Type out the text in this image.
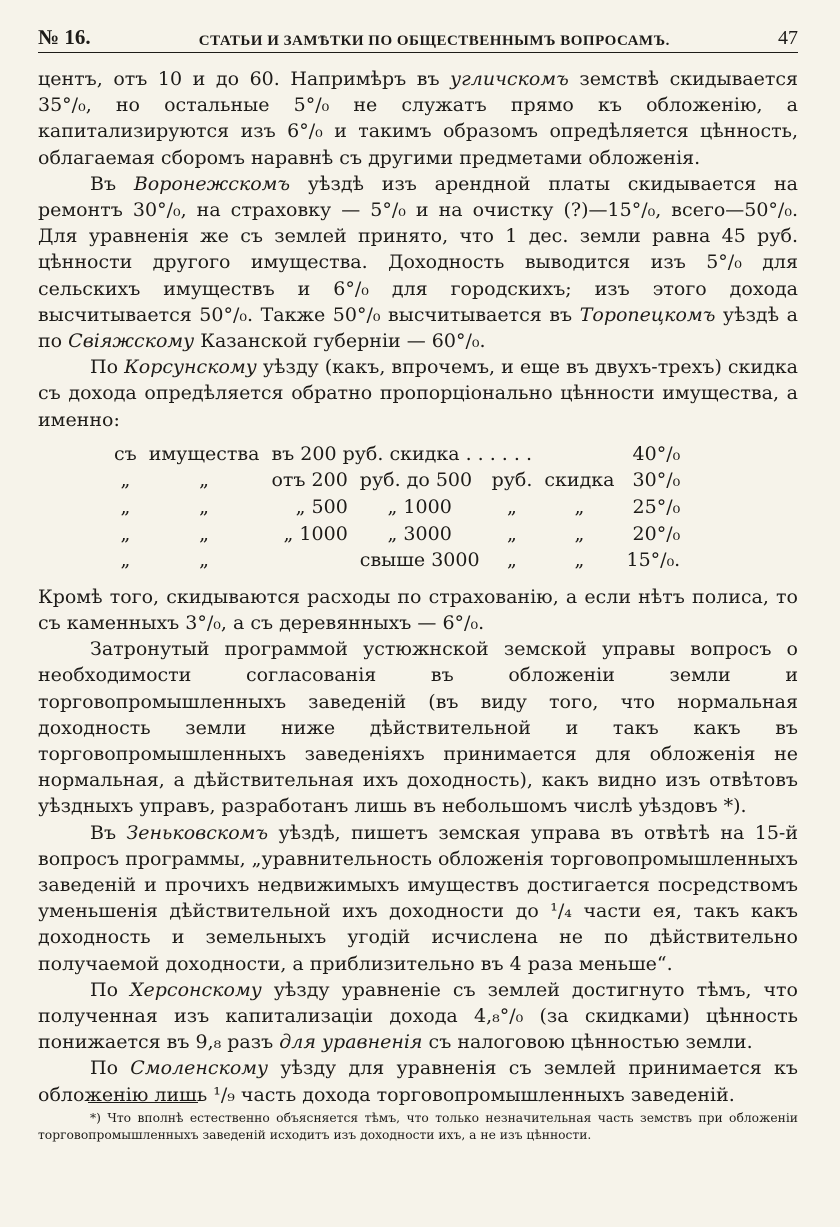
№ 16.	СТАТЬИ И ЗАМѢТКИ ПО ОБЩЕСТВЕННЫМЪ ВОПРОСАМЪ.	47

центъ, отъ 10 и до 60. Напримѣръ въ угличскомъ земствѣ скидывается 35°/₀, но остальные 5°/₀ не служатъ прямо къ обложенію, а капитализируются изъ 6°/₀ и такимъ образомъ опредѣляется цѣнность, облагаемая сборомъ наравнѣ съ другими предметами обложенія.

Въ Воронежскомъ уѣздѣ изъ арендной платы скидывается на ремонтъ 30°/₀, на страховку — 5°/₀ и на очистку (?)—15°/₀, всего—50°/₀. Для уравненія же съ землей принято, что 1 дес. земли равна 45 руб. цѣнности другого имущества. Доходность выводится изъ 5°/₀ для сельскихъ имуществъ и 6°/₀ для городскихъ; изъ этого дохода высчитывается 50°/₀. Также 50°/₀ высчитывается въ Торопецкомъ уѣздѣ а по Свіяжскому Казанской губерніи — 60°/₀.

По Корсунскому уѣзду (какъ, впрочемъ, и еще въ двухъ-трехъ) скидка съ дохода опредѣляется обратно пропорціонально цѣнности имущества, а именно:

съ	имущества	въ 200 руб. скидка . . . . . .				40°/₀
„	„	отъ 200	руб. до 500	руб.	скидка	30°/₀
„	„	„ 500	„ 1000	„	„	25°/₀
„	„	„ 1000	„ 3000	„	„	20°/₀
„	„		свыше 3000	„	„	15°/₀.

Кромѣ того, скидываются расходы по страхованію, а если нѣтъ полиса, то съ каменныхъ 3°/₀, а съ деревянныхъ — 6°/₀.

Затронутый программой устюжнской земской управы вопросъ о необходимости согласованія въ обложеніи земли и торговопромышленныхъ заведеній (въ виду того, что нормальная доходность земли ниже дѣйствительной и такъ какъ въ торговопромышленныхъ заведеніяхъ принимается для обложенія не нормальная, а дѣйствительная ихъ доходность), какъ видно изъ отвѣтовъ уѣздныхъ управъ, разработанъ лишь въ небольшомъ числѣ уѣздовъ *).

Въ Зеньковскомъ уѣздѣ, пишетъ земская управа въ отвѣтѣ на 15-й вопросъ программы, „уравнительность обложенія торговопромышленныхъ заведеній и прочихъ недвижимыхъ имуществъ достигается посредствомъ уменьшенія дѣйствительной ихъ доходности до ¹/₄ части ея, такъ какъ доходность и земельныхъ угодій исчислена не по дѣйствительно получаемой доходности, а приблизительно въ 4 раза меньше“.

По Херсонскому уѣзду уравненіе съ землей достигнуто тѣмъ, что полученная изъ капитализаціи дохода 4,₈°/₀ (за скидками) цѣнность понижается въ 9,₈ разъ для уравненія съ налоговою цѣнностью земли.

По Смоленскому уѣзду для уравненія съ землей принимается къ обложенію лишь ¹/₉ часть дохода торговопромышленныхъ заведеній.

*) Что вполнѣ естественно объясняется тѣмъ, что только незначительная часть земствъ при обложеніи торговопромышленныхъ заведеній исходитъ изъ доходности ихъ, а не изъ цѣнности.
